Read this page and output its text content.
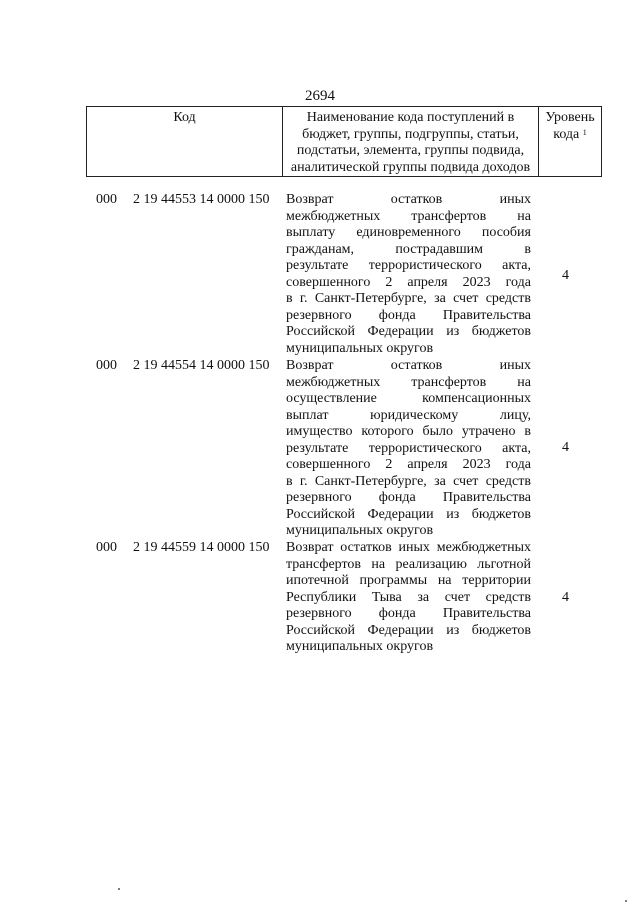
2694
Код	Наименование кода поступлений в
бюджет, группы, подгруппы, статьи,
подстатьи, элемента, группы подвида,
аналитической группы подвида доходов
Уровень
кода $^1$
000 2 19 44553 14 0000 150 Возврат остатков иных
межбюджетных трансфертов на
выплату единовременного пособия
гражданам, пострадавшим в
результате террористического акта,
совершенного 2 апреля 2023 года
в г. Санкт-Петербурге, за счет средств
резервного фонда Правительства
Российской Федерации из бюджетов
муниципальных округов
4
000 2 19 44554 14 0000 150 Возврат остатков иных
межбюджетных трансфертов на
осуществление компенсационных
выплат юридическому лицу,
имущество которого было утрачено в
результате террористического акта,
совершенного 2 апреля 2023 года
в г. Санкт-Петербурге, за счет средств
резервного фонда Правительства
Российской Федерации из бюджетов
муниципальных округов
4
000 2 19 44559 14 0000 150 Возврат остатков иных межбюджетных
трансфертов на реализацию льготной
ипотечной программы на территории
Республики Тыва за счет средств
резервного фонда Правительства
Российской Федерации из бюджетов
муниципальных округов
4
